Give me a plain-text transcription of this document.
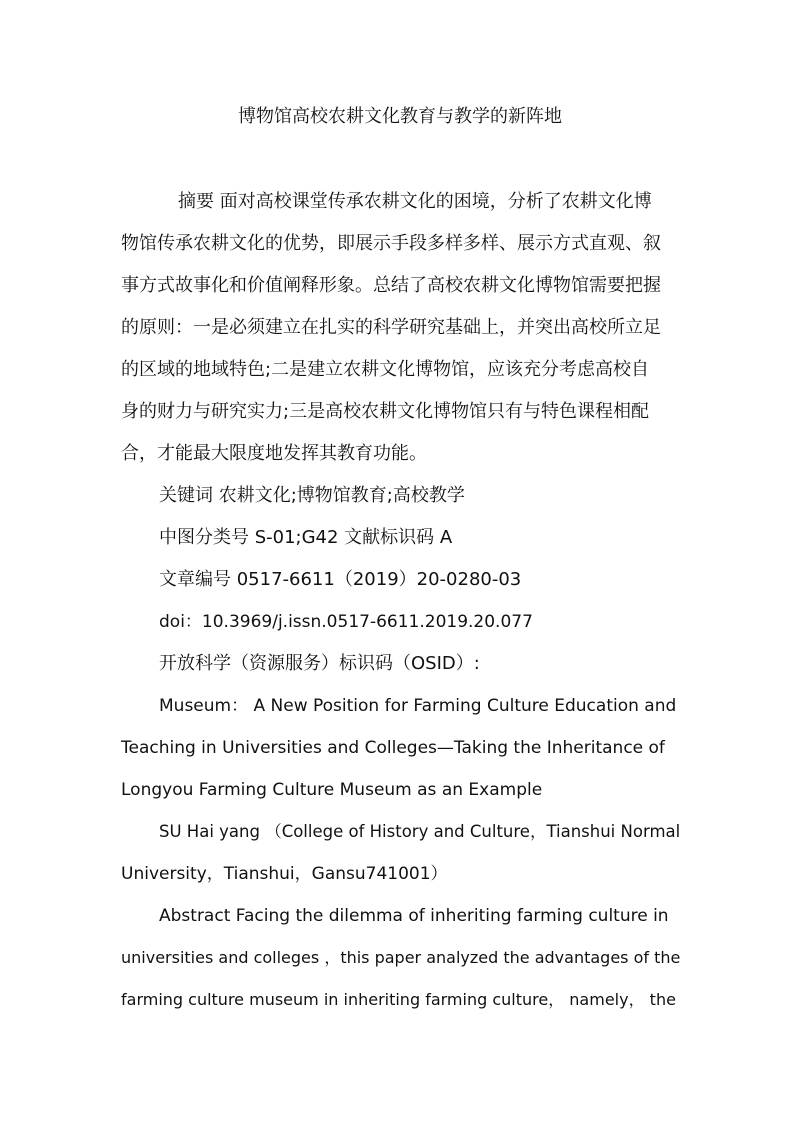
博物馆高校农耕文化教育与教学的新阵地
摘要 面对高校课堂传承农耕文化的困境，分析了农耕文化博
物馆传承农耕文化的优势，即展示手段多样多样、展示方式直观、叙
事方式故事化和价值阐释形象。总结了高校农耕文化博物馆需要把握
的原则：一是必须建立在扎实的科学研究基础上，并突出高校所立足
的区域的地域特色;二是建立农耕文化博物馆，应该充分考虑高校自
身的财力与研究实力;三是高校农耕文化博物馆只有与特色课程相配
合，才能最大限度地发挥其教育功能。
关键词 农耕文化;博物馆教育;高校教学
中图分类号 S-01;G42 文献标识码 A
文章编号 0517-6611（2019）20-0280-03
doi：10.3969/j.issn.0517-6611.2019.20.077
开放科学（资源服务）标识码（OSID）:
Museum： A New Position for Farming Culture Education and
Teaching in Universities and Colleges—Taking the Inheritance of
Longyou Farming Culture Museum as an Example
SU Hai yang （College of History and Culture，Tianshui Normal
University，Tianshui，Gansu741001）
Abstract Facing the dilemma of inheriting farming culture in
universities and colleges ，this paper analyzed the advantages of the
farming culture museum in inheriting farming culture， namely， the
